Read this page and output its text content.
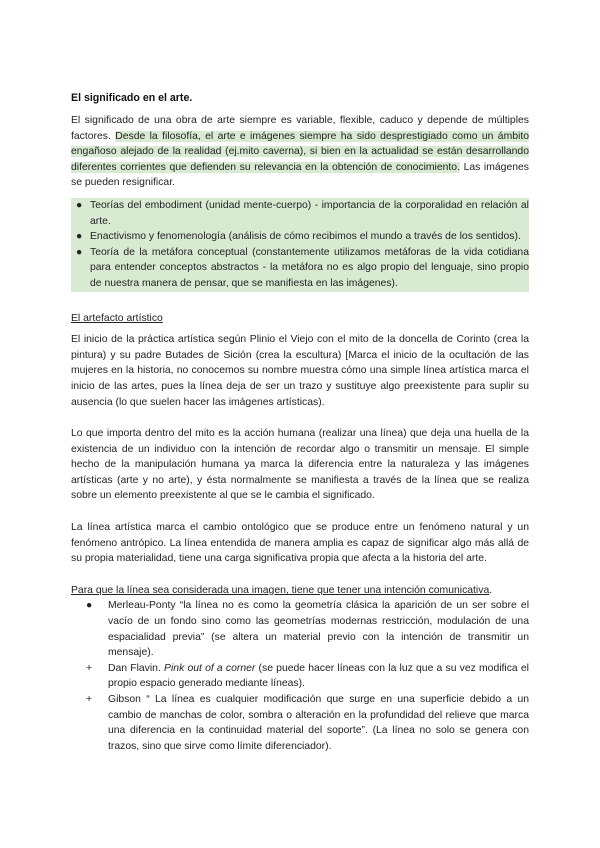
El significado en el arte.

El significado de una obra de arte siempre es variable, flexible, caduco y depende de múltiples factores. Desde la filosofía, el arte e imágenes siempre ha sido desprestigiado como un ámbito engañoso alejado de la realidad (ej.mito caverna), si bien en la actualidad se están desarrollando diferentes corrientes que defienden su relevancia en la obtención de conocimiento. Las imágenes se pueden resignificar.

● Teorías del embodiment (unidad mente-cuerpo) - importancia de la corporalidad en relación al arte.
● Enactivismo y fenomenología (análisis de cómo recibimos el mundo a través de los sentidos).
● Teoría de la metáfora conceptual (constantemente utilizamos metáforas de la vida cotidiana para entender conceptos abstractos - la metáfora no es algo propio del lenguaje, sino propio de nuestra manera de pensar, que se manifiesta en las imágenes).

El artefacto artístico

El inicio de la práctica artística según Plinio el Viejo con el mito de la doncella de Corinto (crea la pintura) y su padre Butades de Sición (crea la escultura) [Marca el inicio de la ocultación de las mujeres en la historia, no conocemos su nombre muestra cómo una simple línea artística marca el inicio de las artes, pues la línea deja de ser un trazo y sustituye algo preexistente para suplir su ausencia (lo que suelen hacer las imágenes artísticas).

Lo que importa dentro del mito es la acción humana (realizar una línea) que deja una huella de la existencia de un individuo con la intención de recordar algo o transmitir un mensaje. El simple hecho de la manipulación humana ya marca la diferencia entre la naturaleza y las imágenes artísticas (arte y no arte), y ésta normalmente se manifiesta a través de la línea que se realiza sobre un elemento preexistente al que se le cambia el significado.

La línea artística marca el cambio ontológico que se produce entre un fenómeno natural y un fenómeno antrópico. La línea entendida de manera amplia es capaz de significar algo más allá de su propia materialidad, tiene una carga significativa propia que afecta a la historia del arte.

Para que la línea sea considerada una imagen, tiene que tener una intención comunicativa.

● Merleau-Ponty “la línea no es como la geometría clásica la aparición de un ser sobre el vacío de un fondo sino como las geometrías modernas restricción, modulación de una espacialidad previa” (se altera un material previo con la intención de transmitir un mensaje).
+ Dan Flavin. Pink out of a corner (se puede hacer líneas con la luz que a su vez modifica el propio espacio generado mediante líneas).
+ Gibson “ La línea es cualquier modificación que surge en una superficie debido a un cambio de manchas de color, sombra o alteración en la profundidad del relieve que marca una diferencia en la continuidad material del soporte”. (La línea no solo se genera con trazos, sino que sirve como límite diferenciador).
